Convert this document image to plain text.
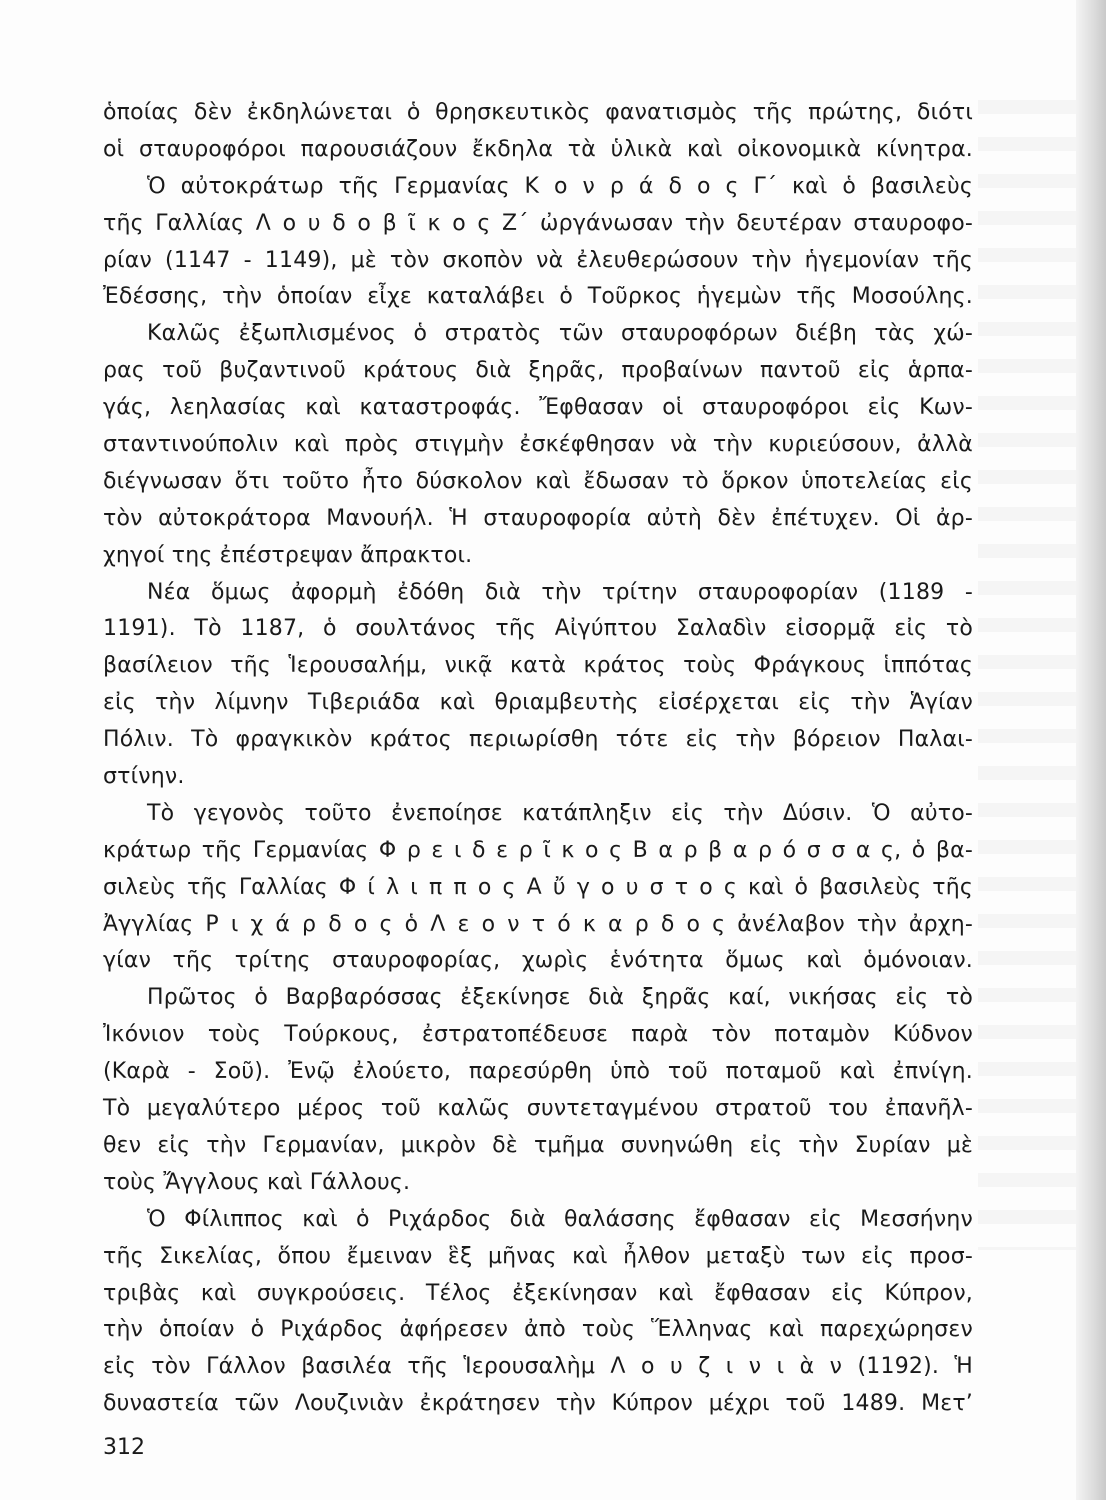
ὁποίας δὲν ἐκδηλώνεται ὁ θρησκευτικὸς φανατισμὸς τῆς πρώτης, διότι
οἱ σταυροφόροι παρουσιάζουν ἔκδηλα τὰ ὑλικὰ καὶ οἰκονομικὰ κίνητρα.
Ὁ αὐτοκράτωρ τῆς Γερμανίας Κ ο ν ρ ά δ ο ς Γ΄ καὶ ὁ βασιλεὺς
τῆς Γαλλίας Λ ο υ δ ο β ῖ κ ο ς Ζ΄ ὠργάνωσαν τὴν δευτέραν σταυροφο-
ρίαν (1147 - 1149), μὲ τὸν σκοπὸν νὰ ἐλευθερώσουν τὴν ἡγεμονίαν τῆς
Ἐδέσσης, τὴν ὁποίαν εἶχε καταλάβει ὁ Τοῦρκος ἡγεμὼν τῆς Μοσούλης.
Καλῶς ἐξωπλισμένος ὁ στρατὸς τῶν σταυροφόρων διέβη τὰς χώ-
ρας τοῦ βυζαντινοῦ κράτους διὰ ξηρᾶς, προβαίνων παντοῦ εἰς ἁρπα-
γάς, λεηλασίας καὶ καταστροφάς. Ἔφθασαν οἱ σταυροφόροι εἰς Κων-
σταντινούπολιν καὶ πρὸς στιγμὴν ἐσκέφθησαν νὰ τὴν κυριεύσουν, ἀλλὰ
διέγνωσαν ὅτι τοῦτο ἦτο δύσκολον καὶ ἔδωσαν τὸ ὅρκον ὑποτελείας εἰς
τὸν αὐτοκράτορα Μανουήλ. Ἡ σταυροφορία αὐτὴ δὲν ἐπέτυχεν. Οἱ ἀρ-
χηγοί της ἐπέστρεψαν ἄπρακτοι.
Νέα ὅμως ἀφορμὴ ἐδόθη διὰ τὴν τρίτην σταυροφορίαν (1189 -
1191). Τὸ 1187, ὁ σουλτάνος τῆς Αἰγύπτου Σαλαδὶν εἰσορμᾷ εἰς τὸ
βασίλειον τῆς Ἱερουσαλήμ, νικᾷ κατὰ κράτος τοὺς Φράγκους ἱππότας
εἰς τὴν λίμνην Τιβεριάδα καὶ θριαμβευτὴς εἰσέρχεται εἰς τὴν Ἁγίαν
Πόλιν. Τὸ φραγκικὸν κράτος περιωρίσθη τότε εἰς τὴν βόρειον Παλαι-
στίνην.
Τὸ γεγονὸς τοῦτο ἐνεποίησε κατάπληξιν εἰς τὴν Δύσιν. Ὁ αὐτο-
κράτωρ τῆς Γερμανίας Φ ρ ε ι δ ε ρ ῖ κ ο ς Β α ρ β α ρ ό σ σ α ς, ὁ βα-
σιλεὺς τῆς Γαλλίας Φ ί λ ι π π ο ς Α ὔ γ ο υ σ τ ο ς καὶ ὁ βασιλεὺς τῆς
Ἀγγλίας Ρ ι χ ά ρ δ ο ς ὁ Λ ε ο ν τ ό κ α ρ δ ο ς ἀνέλαβον τὴν ἀρχη-
γίαν τῆς τρίτης σταυροφορίας, χωρὶς ἑνότητα ὅμως καὶ ὁμόνοιαν.
Πρῶτος ὁ Βαρβαρόσσας ἐξεκίνησε διὰ ξηρᾶς καί, νικήσας εἰς τὸ
Ἰκόνιον τοὺς Τούρκους, ἐστρατοπέδευσε παρὰ τὸν ποταμὸν Κύδνον
(Καρὰ - Σοῦ). Ἐνῷ ἐλούετο, παρεσύρθη ὑπὸ τοῦ ποταμοῦ καὶ ἐπνίγη.
Τὸ μεγαλύτερο μέρος τοῦ καλῶς συντεταγμένου στρατοῦ του ἐπανῆλ-
θεν εἰς τὴν Γερμανίαν, μικρὸν δὲ τμῆμα συνηνώθη εἰς τὴν Συρίαν μὲ
τοὺς Ἄγγλους καὶ Γάλλους.
Ὁ Φίλιππος καὶ ὁ Ριχάρδος διὰ θαλάσσης ἔφθασαν εἰς Μεσσήνην
τῆς Σικελίας, ὅπου ἔμειναν ἓξ μῆνας καὶ ἦλθον μεταξὺ των εἰς προσ-
τριβὰς καὶ συγκρούσεις. Τέλος ἐξεκίνησαν καὶ ἔφθασαν εἰς Κύπρον,
τὴν ὁποίαν ὁ Ριχάρδος ἀφήρεσεν ἀπὸ τοὺς Ἕλληνας καὶ παρεχώρησεν
εἰς τὸν Γάλλον βασιλέα τῆς Ἱερουσαλὴμ Λ ο υ ζ ι ν ι ὰ ν (1192). Ἡ
δυναστεία τῶν Λουζινιὰν ἐκράτησεν τὴν Κύπρον μέχρι τοῦ 1489. Μετ’
312
